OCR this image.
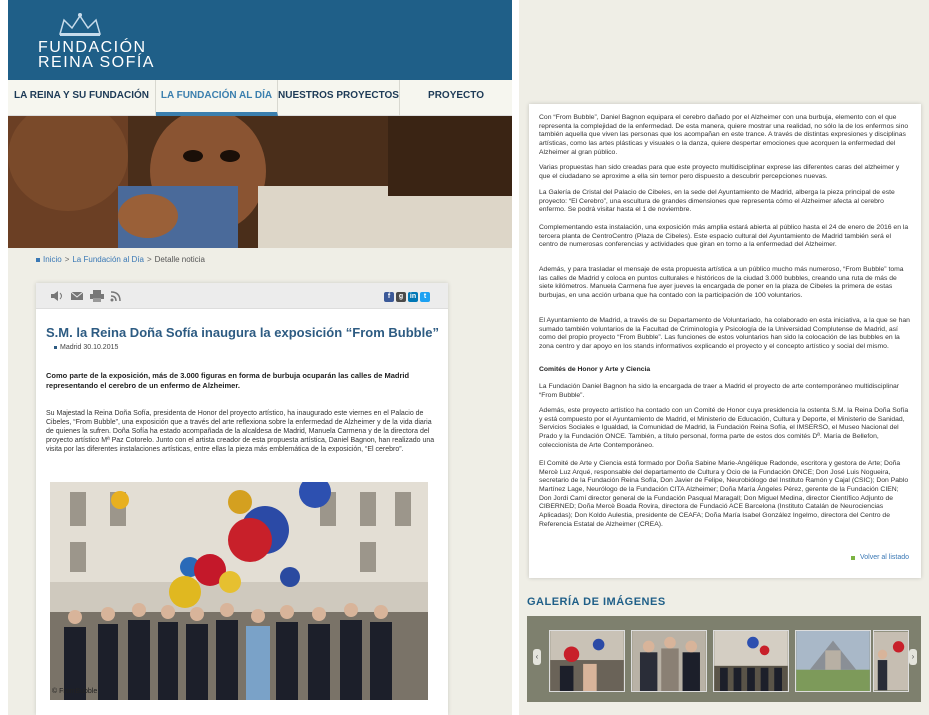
FUNDACIÓN
REINA SOFÍA
LA REINA Y SU FUNDACIÓN	LA FUNDACIÓN AL DÍA NUESTROS PROYECTOS	PROYECTO
Inicio > La Fundación al Día > Detalle noticia
f	g in	t
S.M. la Reina Doña Sofía inaugura la exposición “From Bubble”
Madrid 30.10.2015
Como parte de la exposición, más de 3.000 figuras en forma de burbuja ocuparán las calles de Madrid representando el cerebro de un enfermo de Alzheimer.
Su Majestad la Reina Doña Sofía, presidenta de Honor del proyecto artístico, ha inaugurado este viernes en el Palacio de Cibeles, “From Bubble”, una exposición que a través del arte reflexiona sobre la enfermedad de Alzheimer y de la vida diaria de quienes la sufren. Doña Sofía ha estado acompañada de la alcaldesa de Madrid, Manuela Carmena y de la directora del proyecto artístico Mª Paz Cotorelo. Junto con el artista creador de esta propuesta artística, Daniel Bagnon, han realizado una visita por las diferentes instalaciones artísticas, entre ellas la pieza más emblemática de la exposición, “El cerebro”.
© FromBubble
Con “From Bubble”, Daniel Bagnon equipara el cerebro dañado por el Alzheimer con una burbuja, elemento con el que representa la complejidad de la enfermedad. De esta manera, quiere mostrar una realidad, no sólo la de los enfermos sino también aquella que viven las personas que los acompañan en este trance. A través de distintas expresiones y disciplinas artísticas, como las artes plásticas y visuales o la danza, quiere despertar emociones que acorquen la enfermedad del Alzheimer al gran público.
Varias propuestas han sido creadas para que este proyecto multidisciplinar exprese las diferentes caras del alzheimer y que el ciudadano se aproxime a ella sin temor pero dispuesto a descubrir percepciones nuevas.
La Galería de Cristal del Palacio de Cibeles, en la sede del Ayuntamiento de Madrid, alberga la pieza principal de este proyecto: “El Cerebro”, una escultura de grandes dimensiones que representa cómo el Alzheimer afecta al cerebro enfermo. Se podrá visitar hasta el 1 de noviembre.
Complementando esta instalación, una exposición más amplia estará abierta al público hasta el 24 de enero de 2016 en la tercera planta de CentroCentro (Plaza de Cibeles). Este espacio cultural del Ayuntamiento de Madrid también será el centro de numerosas conferencias y actividades que giran en torno a la enfermedad del Alzheimer.
Además, y para trasladar el mensaje de esta propuesta artística a un público mucho más numeroso, “From Bubble” toma las calles de Madrid y coloca en puntos culturales e históricos de la ciudad 3.000 bubbles, creando una ruta de más de siete kilómetros. Manuela Carmena fue ayer jueves la encargada de poner en la plaza de Cibeles la primera de estas burbujas, en una acción urbana que ha contado con la participación de 100 voluntarios.
El Ayuntamiento de Madrid, a través de su Departamento de Voluntariado, ha colaborado en esta iniciativa, a la que se han sumado también voluntarios de la Facultad de Criminología y Psicología de la Universidad Complutense de Madrid, así como del propio proyecto “From Bubble”. Las funciones de estos voluntarios han sido la colocación de las bubbles en la zona centro y dar apoyo en los stands informativos explicando el proyecto y el concepto artístico y social del mismo.
Comités de Honor y Arte y Ciencia
La Fundación Daniel Bagnon ha sido la encargada de traer a Madrid el proyecto de arte contemporáneo multidisciplinar “From Bubble”.
Además, este proyecto artístico ha contado con un Comité de Honor cuya presidencia la ostenta S.M. la Reina Doña Sofía y está compuesto por el Ayuntamiento de Madrid, el Ministerio de Educación, Cultura y Deporte, el Ministerio de Sanidad, Servicios Sociales e Igualdad, la Comunidad de Madrid, la Fundación Reina Sofía, el IMSERSO, el Museo Nacional del Prado y la Fundación ONCE. También, a título personal, forma parte de estos dos comités Dª. María de Bellefon, coleccionista de Arte Contemporáneo.
El Comité de Arte y Ciencia está formado por Doña Sabine Marie-Angélique Radonde, escritora y gestora de Arte; Doña Mercè Luz Arqué, responsable del departamento de Cultura y Ocio de la Fundación ONCE; Don José Luis Nogueira, secretario de la Fundación Reina Sofía, Don Javier de Felipe, Neurobiólogo del Instituto Ramón y Cajal (CSIC); Don Pablo Martínez Lage, Neurólogo de la Fundación CITA Alzheimer; Doña María Ángeles Pérez, gerente de la Fundación CIEN; Don Jordi Camí director general de la Fundación Pasqual Maragall; Don Miguel Medina, director Científico Adjunto de CIBERNED; Doña Mercè Boada Rovira, directora de Fundació ACE Barcelona (Instituto Catalán de Neurociencias Aplicadas); Don Koldo Aulestia, presidente de CEAFA; Doña María Isabel González Ingelmo, directora del Centro de Referencia Estatal de Alzheimer (CREA).
Volver al listado
GALERÍA DE IMÁGENES
‹	›
